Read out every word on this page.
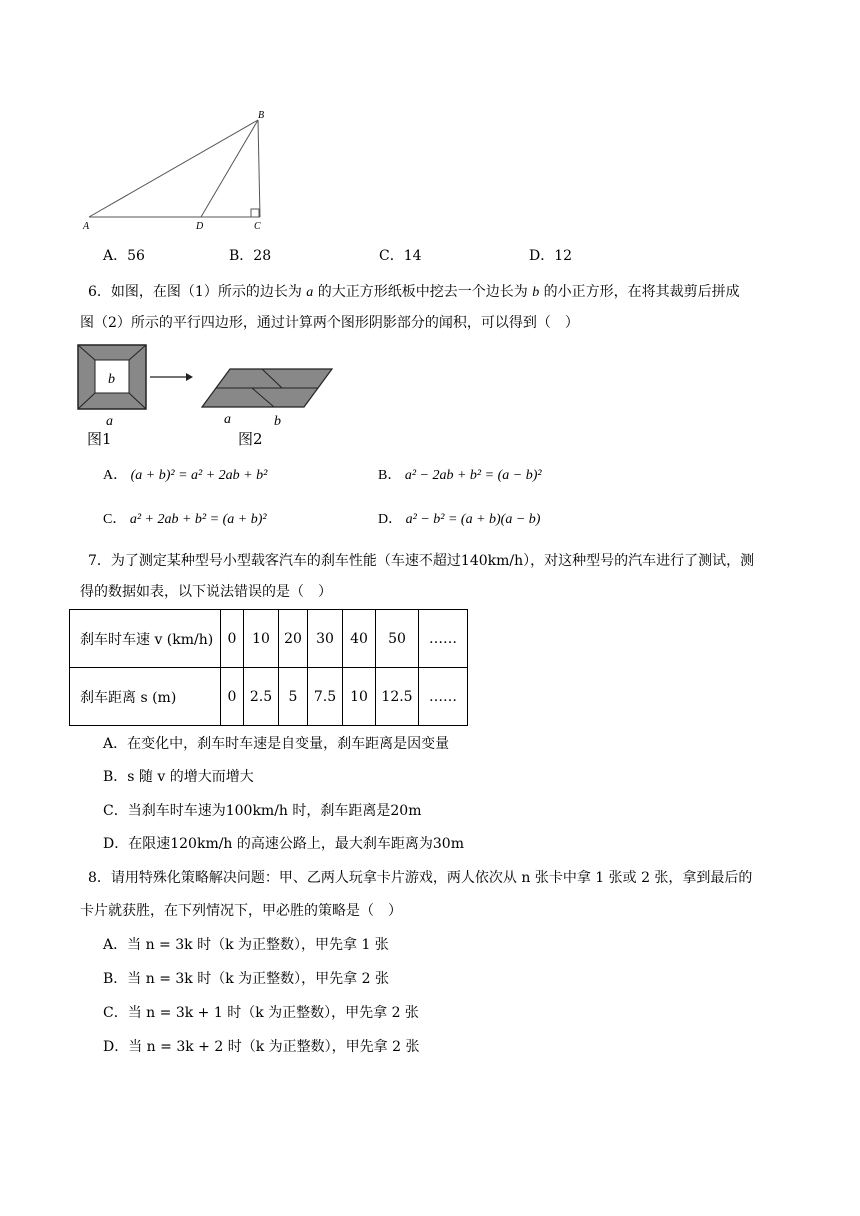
B
A	D	C
A．56	B．28	C．14	D．12
6．如图，在图（1）所示的边长为 a 的大正方形纸板中挖去一个边长为 b 的小正方形，在将其裁剪后拼成
图（2）所示的平行四边形，通过计算两个图形阴影部分的闻积，可以得到（　）
b
a
图1
a	b
图2
A． (a + b)² = a² + 2ab + b²	B． a² − 2ab + b² = (a − b)²
C． a² + 2ab + b² = (a + b)²	D． a² − b² = (a + b)(a − b)
7．为了测定某种型号小型载客汽车的刹车性能（车速不超过140km/h），对这种型号的汽车进行了测试，测
得的数据如表，以下说法错误的是（　）
刹车时车速 v (km/h)	0	10	20	30	40	50	……
刹车距离 s (m)	0	2.5	5	7.5	10	12.5	……
A．在变化中，刹车时车速是自变量，刹车距离是因变量
B．s 随 v 的增大而增大
C．当刹车时车速为100km/h 时，刹车距离是20m
D．在限速120km/h 的高速公路上，最大刹车距离为30m
8．请用特殊化策略解决问题：甲、乙两人玩拿卡片游戏，两人依次从 n 张卡中拿 1 张或 2 张，拿到最后的
卡片就获胜，在下列情况下，甲必胜的策略是（　）
A．当 n = 3k 时（k 为正整数），甲先拿 1 张
B．当 n = 3k 时（k 为正整数），甲先拿 2 张
C．当 n = 3k + 1 时（k 为正整数），甲先拿 2 张
D．当 n = 3k + 2 时（k 为正整数），甲先拿 2 张
